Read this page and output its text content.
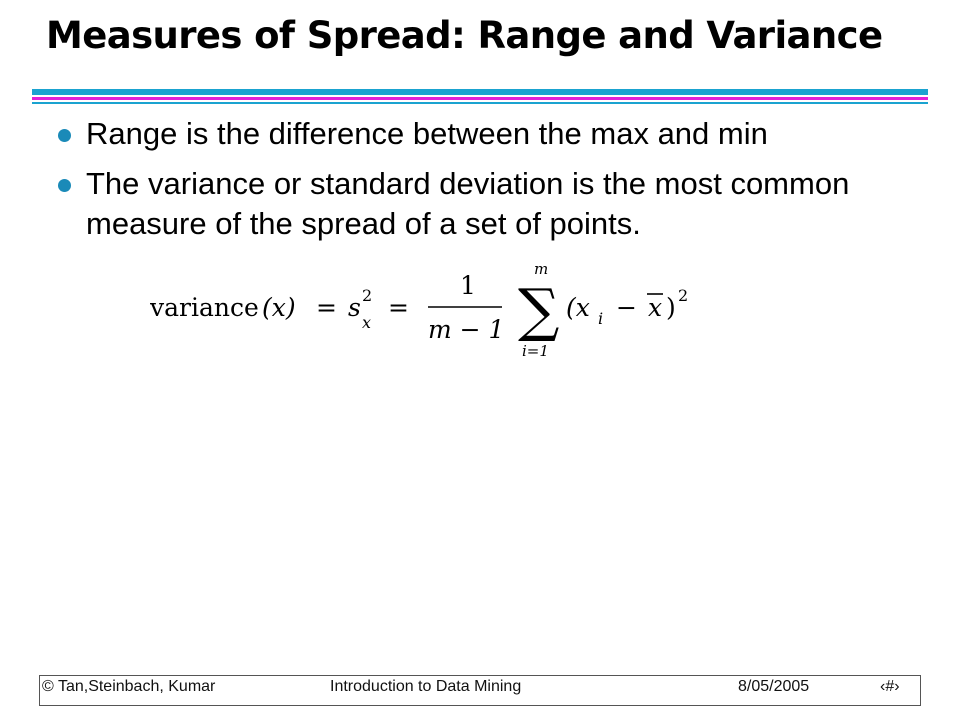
Measures of Spread: Range and Variance
Range is the difference between the max and min
The variance or standard deviation is the most common measure of the spread of a set of points.
variance (x) = s 2
x
=
1
m − 1
m
∑
i=1
(x i − x ) 2
© Tan,Steinbach, Kumar	Introduction to Data Mining	8/05/2005	‹#›
